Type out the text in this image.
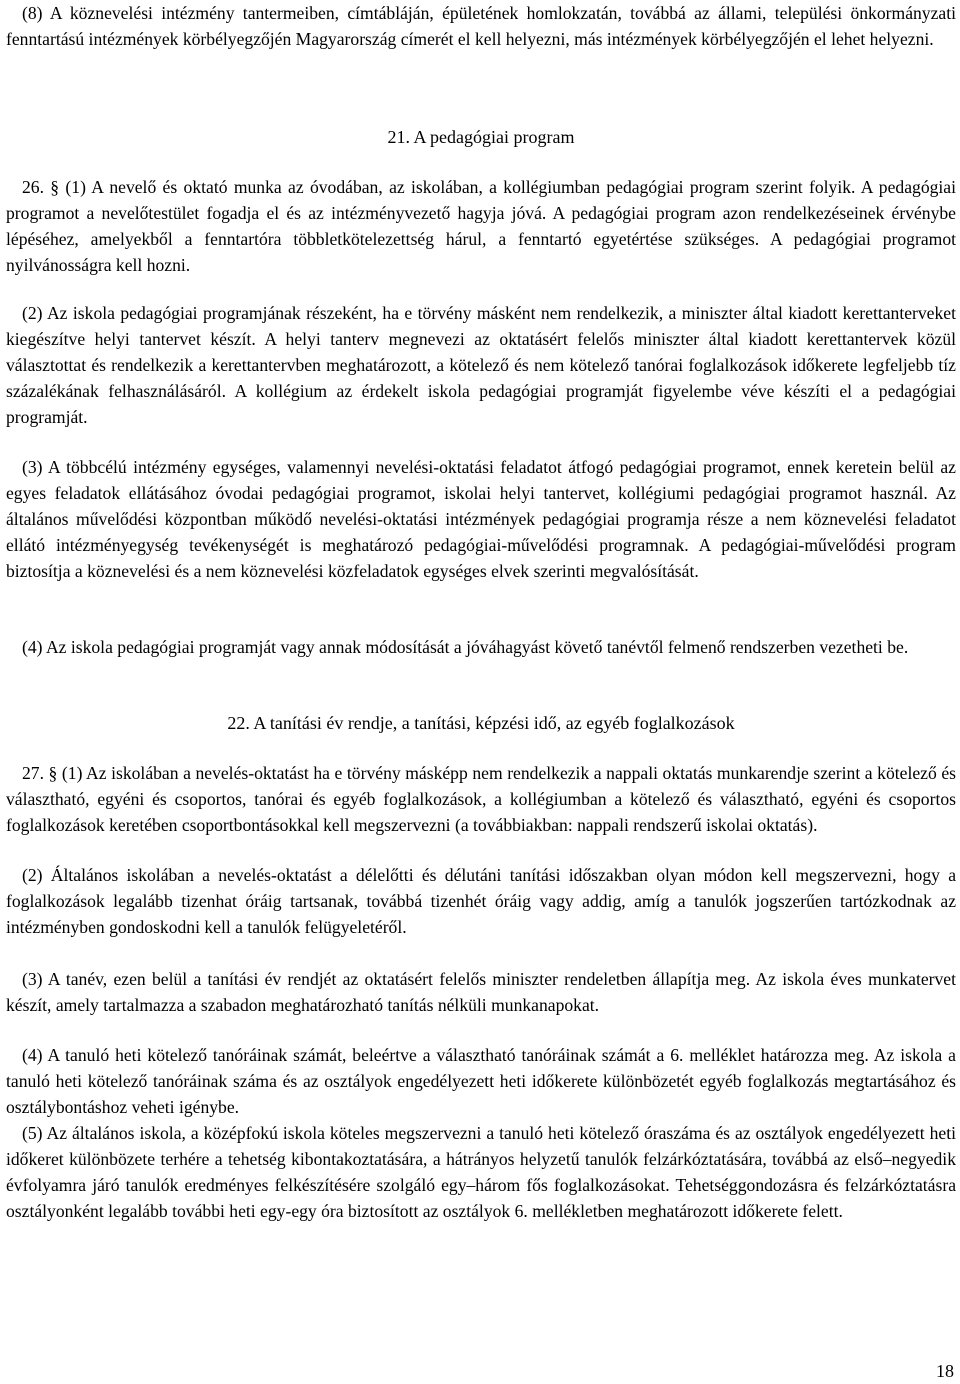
(8) A köznevelési intézmény tantermeiben, címtábláján, épületének homlokzatán, továbbá az állami, települési önkormányzati fenntartású intézmények körbélyegzőjén Magyarország címerét el kell helyezni, más intézmények körbélyegzőjén el lehet helyezni.

21. A pedagógiai program

26. § (1) A nevelő és oktató munka az óvodában, az iskolában, a kollégiumban pedagógiai program szerint folyik. A pedagógiai programot a nevelőtestület fogadja el és az intézményvezető hagyja jóvá. A pedagógiai program azon rendelkezéseinek érvénybe lépéséhez, amelyekből a fenntartóra többletkötelezettség hárul, a fenntartó egyetértése szükséges. A pedagógiai programot nyilvánosságra kell hozni.

(2) Az iskola pedagógiai programjának részeként, ha e törvény másként nem rendelkezik, a miniszter által kiadott kerettanterveket kiegészítve helyi tantervet készít. A helyi tanterv megnevezi az oktatásért felelős miniszter által kiadott kerettantervek közül választottat és rendelkezik a kerettantervben meghatározott, a kötelező és nem kötelező tanórai foglalkozások időkerete legfeljebb tíz százalékának felhasználásáról. A kollégium az érdekelt iskola pedagógiai programját figyelembe véve készíti el a pedagógiai programját.

(3) A többcélú intézmény egységes, valamennyi nevelési-oktatási feladatot átfogó pedagógiai programot, ennek keretein belül az egyes feladatok ellátásához óvodai pedagógiai programot, iskolai helyi tantervet, kollégiumi pedagógiai programot használ. Az általános művelődési központban működő nevelési-oktatási intézmények pedagógiai programja része a nem köznevelési feladatot ellátó intézményegység tevékenységét is meghatározó pedagógiai-művelődési programnak. A pedagógiai-művelődési program biztosítja a köznevelési és a nem köznevelési közfeladatok egységes elvek szerinti megvalósítását.

(4) Az iskola pedagógiai programját vagy annak módosítását a jóváhagyást követő tanévtől felmenő rendszerben vezetheti be.

22. A tanítási év rendje, a tanítási, képzési idő, az egyéb foglalkozások

27. § (1) Az iskolában a nevelés-oktatást ha e törvény másképp nem rendelkezik a nappali oktatás munkarendje szerint a kötelező és választható, egyéni és csoportos, tanórai és egyéb foglalkozások, a kollégiumban a kötelező és választható, egyéni és csoportos foglalkozások keretében csoportbontásokkal kell megszervezni (a továbbiakban: nappali rendszerű iskolai oktatás).

(2) Általános iskolában a nevelés-oktatást a délelőtti és délutáni tanítási időszakban olyan módon kell megszervezni, hogy a foglalkozások legalább tizenhat óráig tartsanak, továbbá tizenhét óráig vagy addig, amíg a tanulók jogszerűen tartózkodnak az intézményben gondoskodni kell a tanulók felügyeletéről.

(3) A tanév, ezen belül a tanítási év rendjét az oktatásért felelős miniszter rendeletben állapítja meg. Az iskola éves munkatervet készít, amely tartalmazza a szabadon meghatározható tanítás nélküli munkanapokat.

(4) A tanuló heti kötelező tanóráinak számát, beleértve a választható tanóráinak számát a 6. melléklet határozza meg. Az iskola a tanuló heti kötelező tanóráinak száma és az osztályok engedélyezett heti időkerete különbözetét egyéb foglalkozás megtartásához és osztálybontáshoz veheti igénybe.

(5) Az általános iskola, a középfokú iskola köteles megszervezni a tanuló heti kötelező óraszáma és az osztályok engedélyezett heti időkeret különbözete terhére a tehetség kibontakoztatására, a hátrányos helyzetű tanulók felzárkóztatására, továbbá az első–negyedik évfolyamra járó tanulók eredményes felkészítésére szolgáló egy–három fős foglalkozásokat. Tehetséggondozásra és felzárkóztatásra osztályonként legalább további heti egy-egy óra biztosított az osztályok 6. mellékletben meghatározott időkerete felett.

18
